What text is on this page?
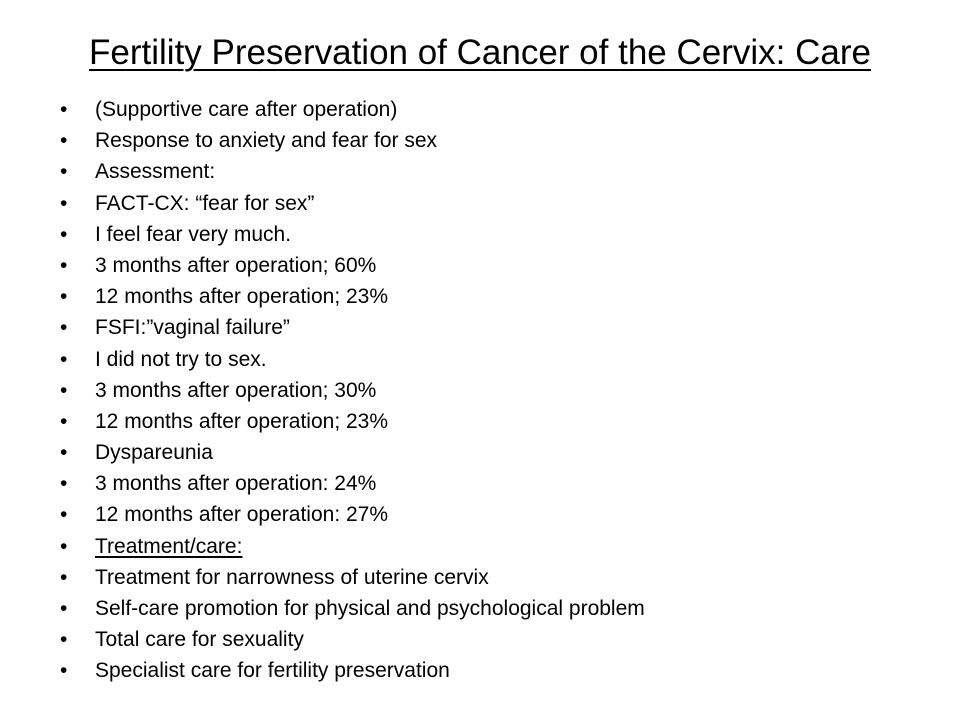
Fertility Preservation of Cancer of the Cervix: Care
•	(Supportive care after operation)
•	Response to anxiety and fear for sex
•	Assessment:
•	FACT-CX: “fear for sex”
•	I feel fear very much.
•	3 months after operation; 60%
•	12 months after operation; 23%
•	FSFI:”vaginal failure”
•	I did not try to sex.
•	3 months after operation; 30%
•	12 months after operation; 23%
•	Dyspareunia
•	3 months after operation: 24%
•	12 months after operation: 27%
•	Treatment/care:
•	Treatment for narrowness of uterine cervix
•	Self-care promotion for physical and psychological problem
•	Total care for sexuality
•	Specialist care for fertility preservation
